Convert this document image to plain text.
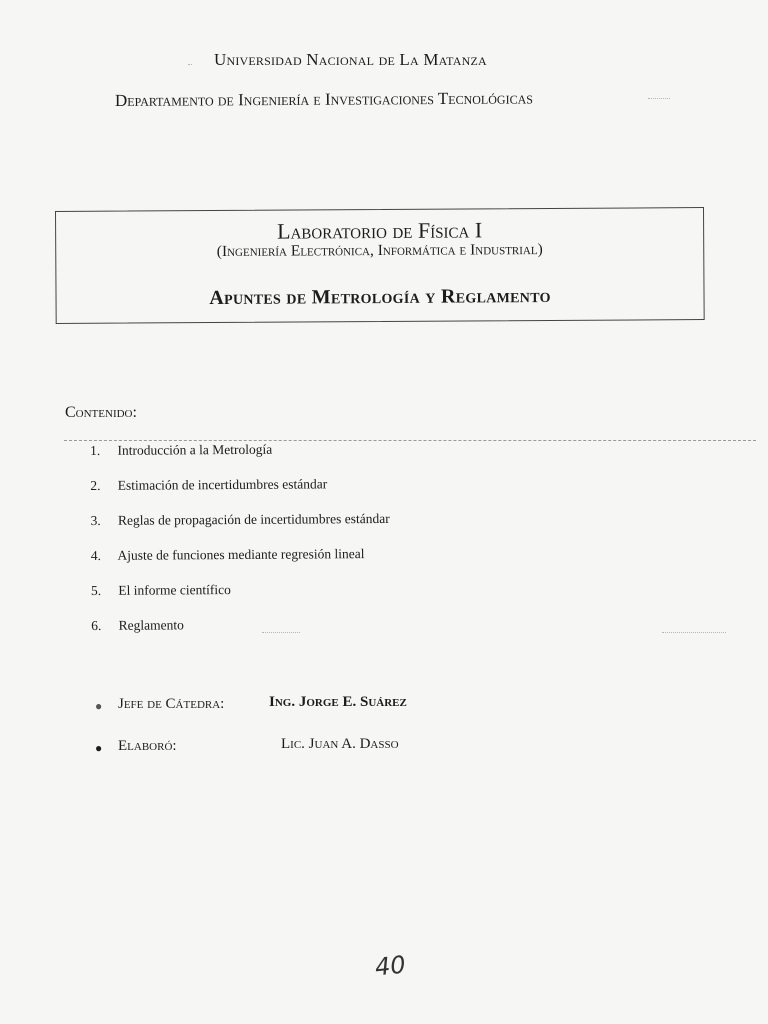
Universidad Nacional de La Matanza
Departamento de Ingeniería e Investigaciones Tecnológicas
Laboratorio de Física I
(Ingeniería Electrónica, Informática e Industrial)
Apuntes de Metrología y Reglamento
Contenido:
1. Introducción a la Metrología
2. Estimación de incertidumbres estándar
3. Reglas de propagación de incertidumbres estándar
4. Ajuste de funciones mediante regresión lineal
5. El informe científico
6. Reglamento
● Jefe de Cátedra:	Ing. Jorge E. Suárez
● Elaboró:	Lic. Juan A. Dasso
40
